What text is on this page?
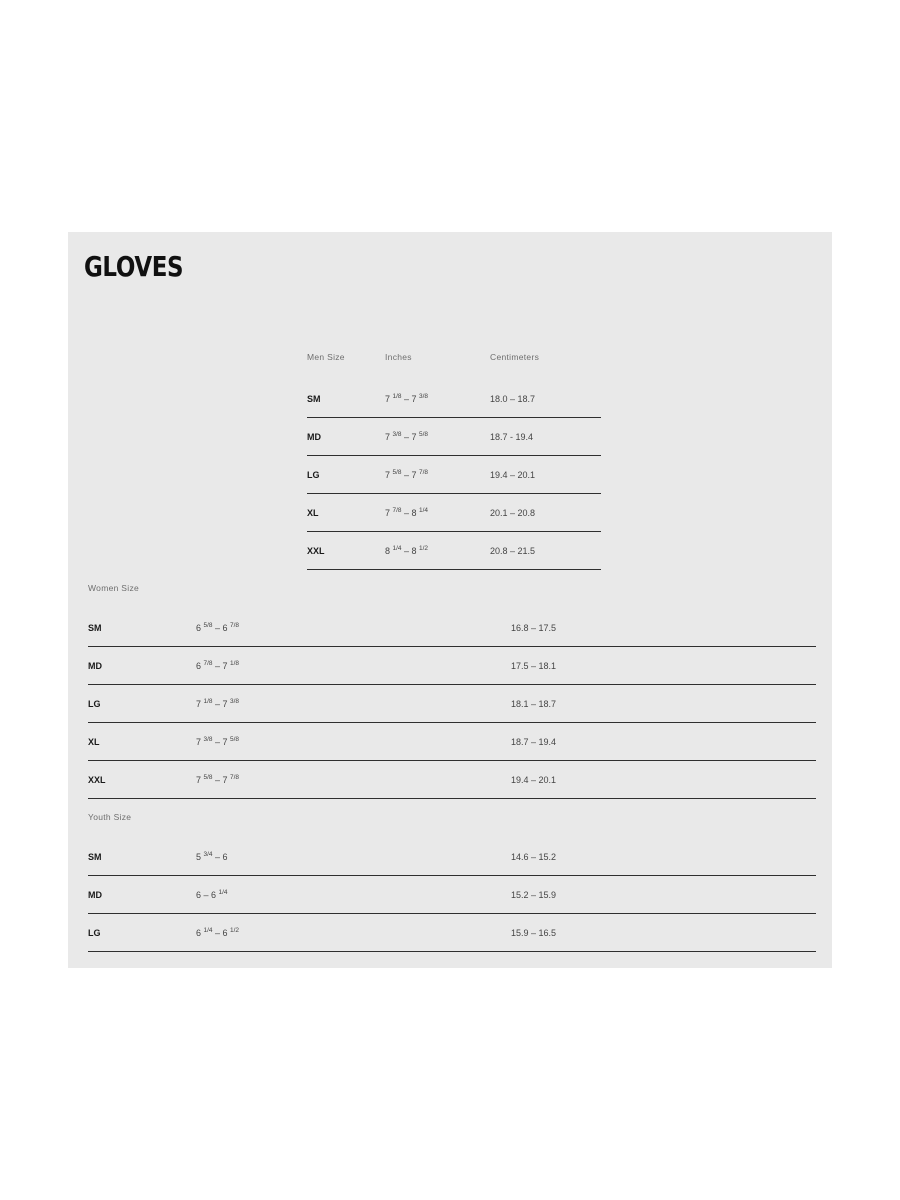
GLOVES
Men Size	Inches	Centimeters
SM	7 $^{1/8}$ – 7 $^{3/8}$	18.0 – 18.7
MD	7 $^{3/8}$ – 7 $^{5/8}$	18.7 - 19.4
LG	7 $^{5/8}$ – 7 $^{7/8}$	19.4 – 20.1
XL	7 $^{7/8}$ – 8 $^{1/4}$	20.1 – 20.8
XXL	8 $^{1/4}$ – 8 $^{1/2}$	20.8 – 21.5
Women Size
SM	6 $^{5/8}$ – 6 $^{7/8}$	16.8 – 17.5
MD	6 $^{7/8}$ – 7 $^{1/8}$	17.5 – 18.1
LG	7 $^{1/8}$ – 7 $^{3/8}$	18.1 – 18.7
XL	7 $^{3/8}$ – 7 $^{5/8}$	18.7 – 19.4
XXL	7 $^{5/8}$ – 7 $^{7/8}$	19.4 – 20.1
Youth Size
SM	5 $^{3/4}$ – 6	14.6 – 15.2
MD	6 – 6 $^{1/4}$	15.2 – 15.9
LG	6 $^{1/4}$ – 6 $^{1/2}$	15.9 – 16.5
